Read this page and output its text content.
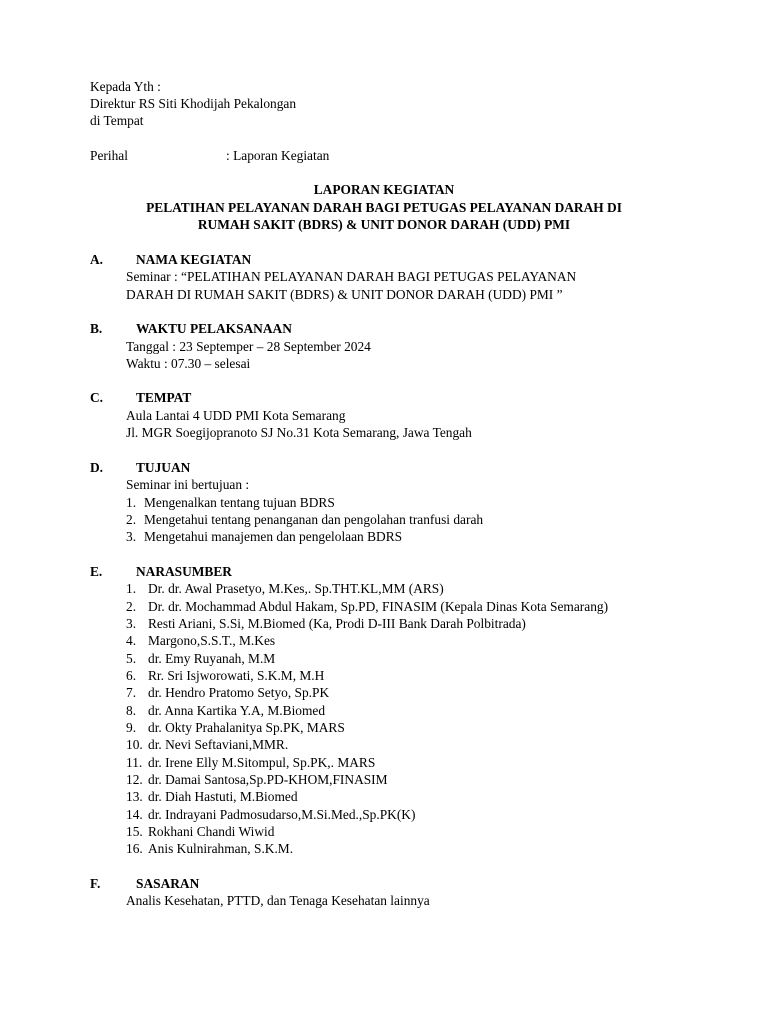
Kepada Yth :
Direktur RS Siti Khodijah Pekalongan
di Tempat
Perihal	: Laporan Kegiatan
LAPORAN KEGIATAN
PELATIHAN PELAYANAN DARAH BAGI PETUGAS PELAYANAN DARAH DI
RUMAH SAKIT (BDRS) & UNIT DONOR DARAH (UDD) PMI
A. NAMA KEGIATAN
Seminar : “PELATIHAN PELAYANAN DARAH BAGI PETUGAS PELAYANAN
DARAH DI RUMAH SAKIT (BDRS) & UNIT DONOR DARAH (UDD) PMI ”
B.	WAKTU PELAKSANAAN
Tanggal : 23 Septemper – 28 September 2024
Waktu : 07.30 – selesai
C. TEMPAT
Aula Lantai 4 UDD PMI Kota Semarang
Jl. MGR Soegijopranoto SJ No.31 Kota Semarang, Jawa Tengah
D. TUJUAN
Seminar ini bertujuan :
1. Mengenalkan tentang tujuan BDRS
2. Mengetahui tentang penanganan dan pengolahan tranfusi darah
3. Mengetahui manajemen dan pengelolaan BDRS
E.	NARASUMBER
1. Dr. dr. Awal Prasetyo, M.Kes,. Sp.THT.KL,MM (ARS)
2. Dr. dr. Mochammad Abdul Hakam, Sp.PD, FINASIM (Kepala Dinas Kota Semarang)
3. Resti Ariani, S.Si, M.Biomed (Ka, Prodi D-III Bank Darah Polbitrada)
4. Margono,S.S.T., M.Kes
5. dr. Emy Ruyanah, M.M
6. Rr. Sri Isjworowati, S.K.M, M.H
7. dr. Hendro Pratomo Setyo, Sp.PK
8. dr. Anna Kartika Y.A, M.Biomed
9. dr. Okty Prahalanitya Sp.PK, MARS
10. dr. Nevi Seftaviani,MMR.
11. dr. Irene Elly M.Sitompul, Sp.PK,. MARS
12. dr. Damai Santosa,Sp.PD-KHOM,FINASIM
13. dr. Diah Hastuti, M.Biomed
14. dr. Indrayani Padmosudarso,M.Si.Med.,Sp.PK(K)
15. Rokhani Chandi Wiwid
16. Anis Kulnirahman, S.K.M.
F.	SASARAN
Analis Kesehatan, PTTD, dan Tenaga Kesehatan lainnya
